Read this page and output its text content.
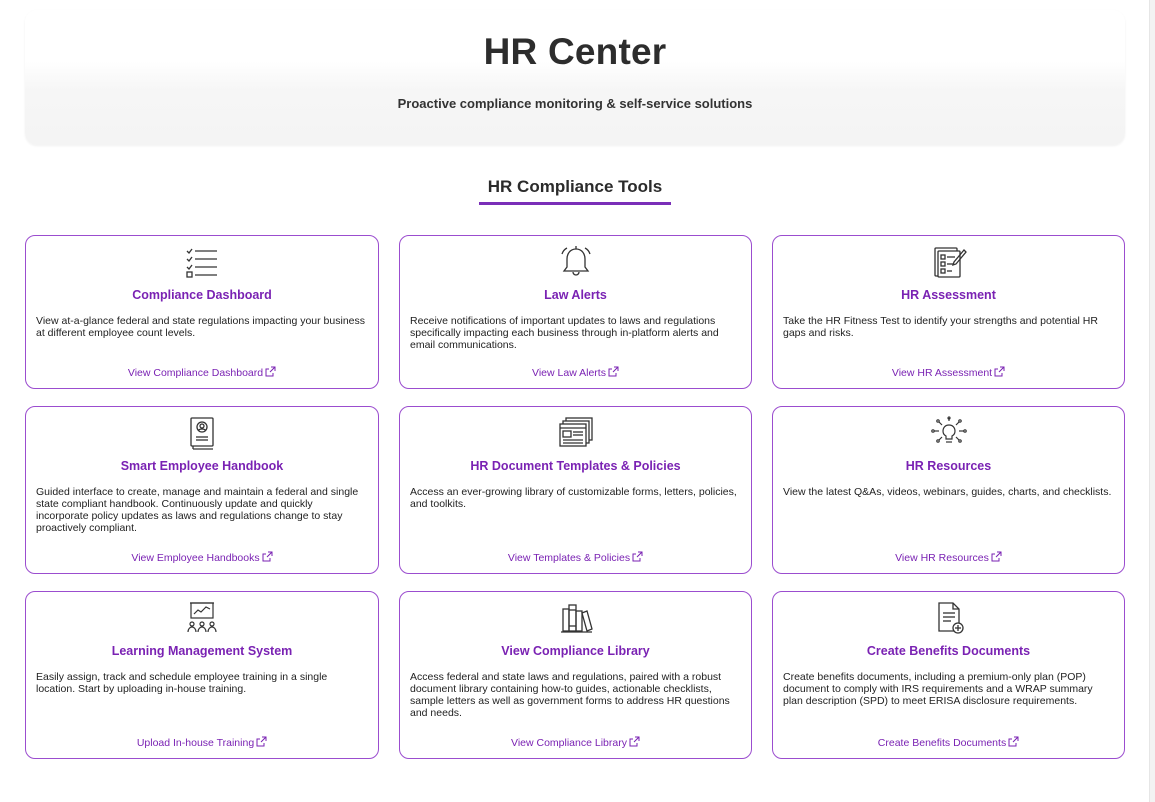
HR Center

Proactive compliance monitoring & self-service solutions

HR Compliance Tools
Compliance Dashboard

View at-a-glance federal and state regulations impacting your business at different employee count levels.

View Compliance Dashboard
Law Alerts

Receive notifications of important updates to laws and regulations specifically impacting each business through in-platform alerts and email communications.

View Law Alerts
HR Assessment

Take the HR Fitness Test to identify your strengths and potential HR gaps and risks.

View HR Assessment
Smart Employee Handbook

Guided interface to create, manage and maintain a federal and single state compliant handbook. Continuously update and quickly incorporate policy updates as laws and regulations change to stay proactively compliant.

View Employee Handbooks
HR Document Templates & Policies

Access an ever-growing library of customizable forms, letters, policies, and toolkits.

View Templates & Policies
HR Resources

View the latest Q&As, videos, webinars, guides, charts, and checklists.

View HR Resources
Learning Management System

Easily assign, track and schedule employee training in a single location. Start by uploading in-house training.

Upload In-house Training
View Compliance Library

Access federal and state laws and regulations, paired with a robust document library containing how-to guides, actionable checklists, sample letters as well as government forms to address HR questions and needs.

View Compliance Library
Create Benefits Documents

Create benefits documents, including a premium-only plan (POP) document to comply with IRS requirements and a WRAP summary plan description (SPD) to meet ERISA disclosure requirements.

Create Benefits Documents
